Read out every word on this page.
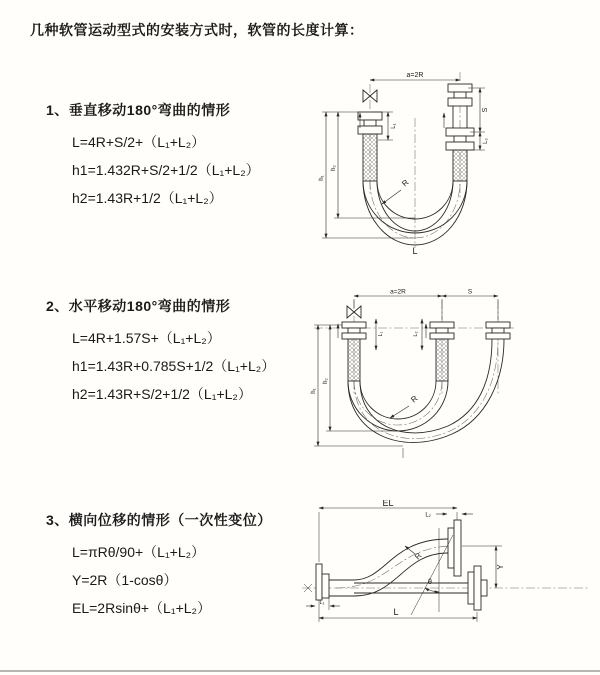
几种软管运动型式的安装方式时，软管的长度计算：
1、垂直移动180°弯曲的情形
L=4R+S/2+（L₁+L₂）
h1=1.432R+S/2+1/2（L₁+L₂）
h2=1.43R+1/2（L₁+L₂）
a=2R
L₁
S
L₂
h₂
h₁	R
L
2、水平移动180°弯曲的情形
L=4R+1.57S+（L₁+L₂）
h1=1.43R+0.785S+1/2（L₁+L₂）
h2=1.43R+S/2+1/2（L₁+L₂）
a=2R	S
L₁	L₂
h₂
h₁
R
3、横向位移的情形（一次性变位）
L=πRθ/90+（L₁+L₂）
Y=2R（1-cosθ）
EL=2Rsinθ+（L₁+L₂）
EL
L₂
Y
θ
R
L₁
L
